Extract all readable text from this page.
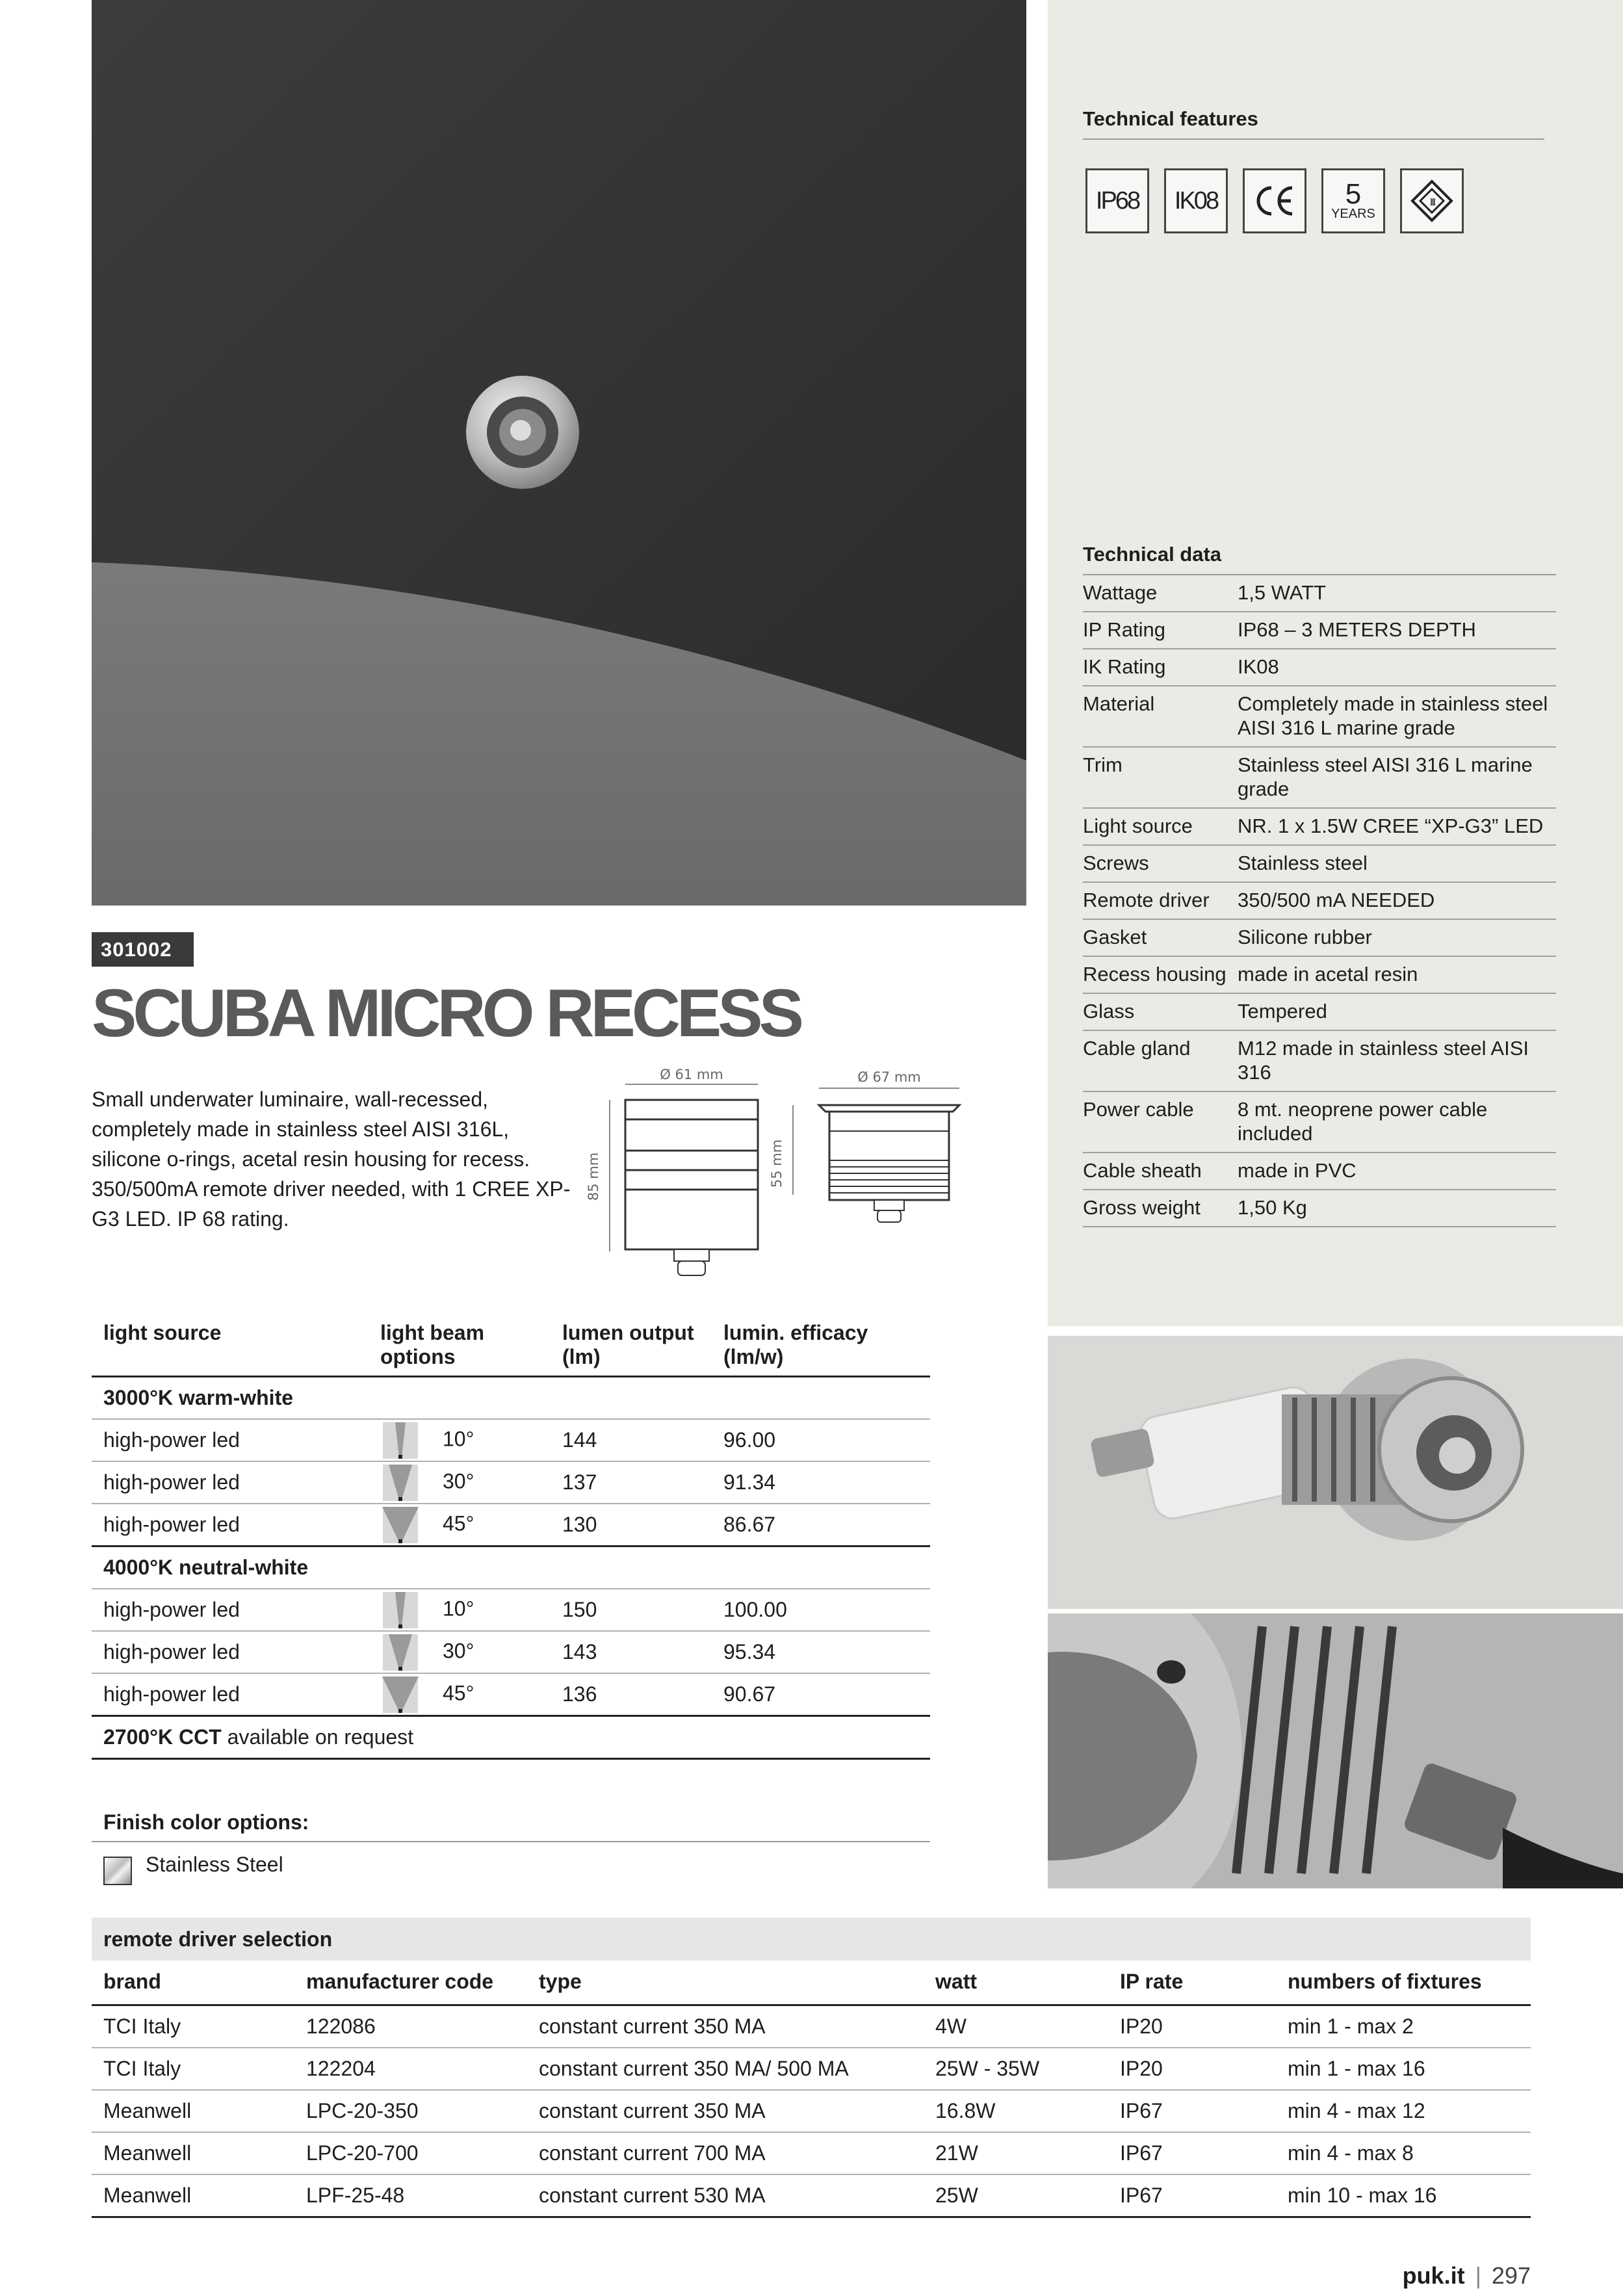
Technical features
IP68 IK08	5
YEARS
III
Technical data
Wattage	1,5 WATT
IP Rating	IP68 – 3 METERS DEPTH
IK Rating	IK08
Material	Completely made in stainless steel AISI 316 L marine grade
Trim	Stainless steel AISI 316 L marine grade
Light source	NR. 1 x 1.5W CREE “XP-G3” LED
Screws	Stainless steel
Remote driver	350/500 mA NEEDED
Gasket	Silicone rubber
Recess housing	made in acetal resin
Glass	Tempered
Cable gland	M12 made in stainless steel AISI 316
Power cable	8 mt. neoprene power cable included
Cable sheath	made in PVC
Gross weight	1,50 Kg
301002
SCUBA MICRO RECESS
Small underwater luminaire, wall-recessed, completely made in stainless steel AISI 316L, silicone o-rings, acetal resin housing for recess. 350/500mA remote driver needed, with 1 CREE XP-G3 LED. IP 68 rating.
Ø 61 mm
85 mm
Ø 67 mm
55 mm
light source	light beam options	lumen output (lm)	lumin. efficacy (lm/w)
3000°K warm-white			
high-power led	10°	144	96.00
high-power led	30°	137	91.34
high-power led	45°	130	86.67
4000°K neutral-white			
high-power led	10°	150	100.00
high-power led	30°	143	95.34
high-power led	45°	136	90.67
2700°K CCT available on request			
Finish color options:
Stainless Steel
remote driver selection
brand	manufacturer code	type	watt	IP rate	numbers of fixtures
TCI Italy	122086	constant current 350 MA	4W	IP20	min 1 - max 2
TCI Italy	122204	constant current 350 MA/ 500 MA	25W - 35W	IP20	min 1 - max 16
Meanwell	LPC-20-350	constant current 350 MA	16.8W	IP67	min 4 - max 12
Meanwell	LPC-20-700	constant current 700 MA	21W	IP67	min 4 - max 8
Meanwell	LPF-25-48	constant current 530 MA	25W	IP67	min 10 - max 16
puk.it | 297
